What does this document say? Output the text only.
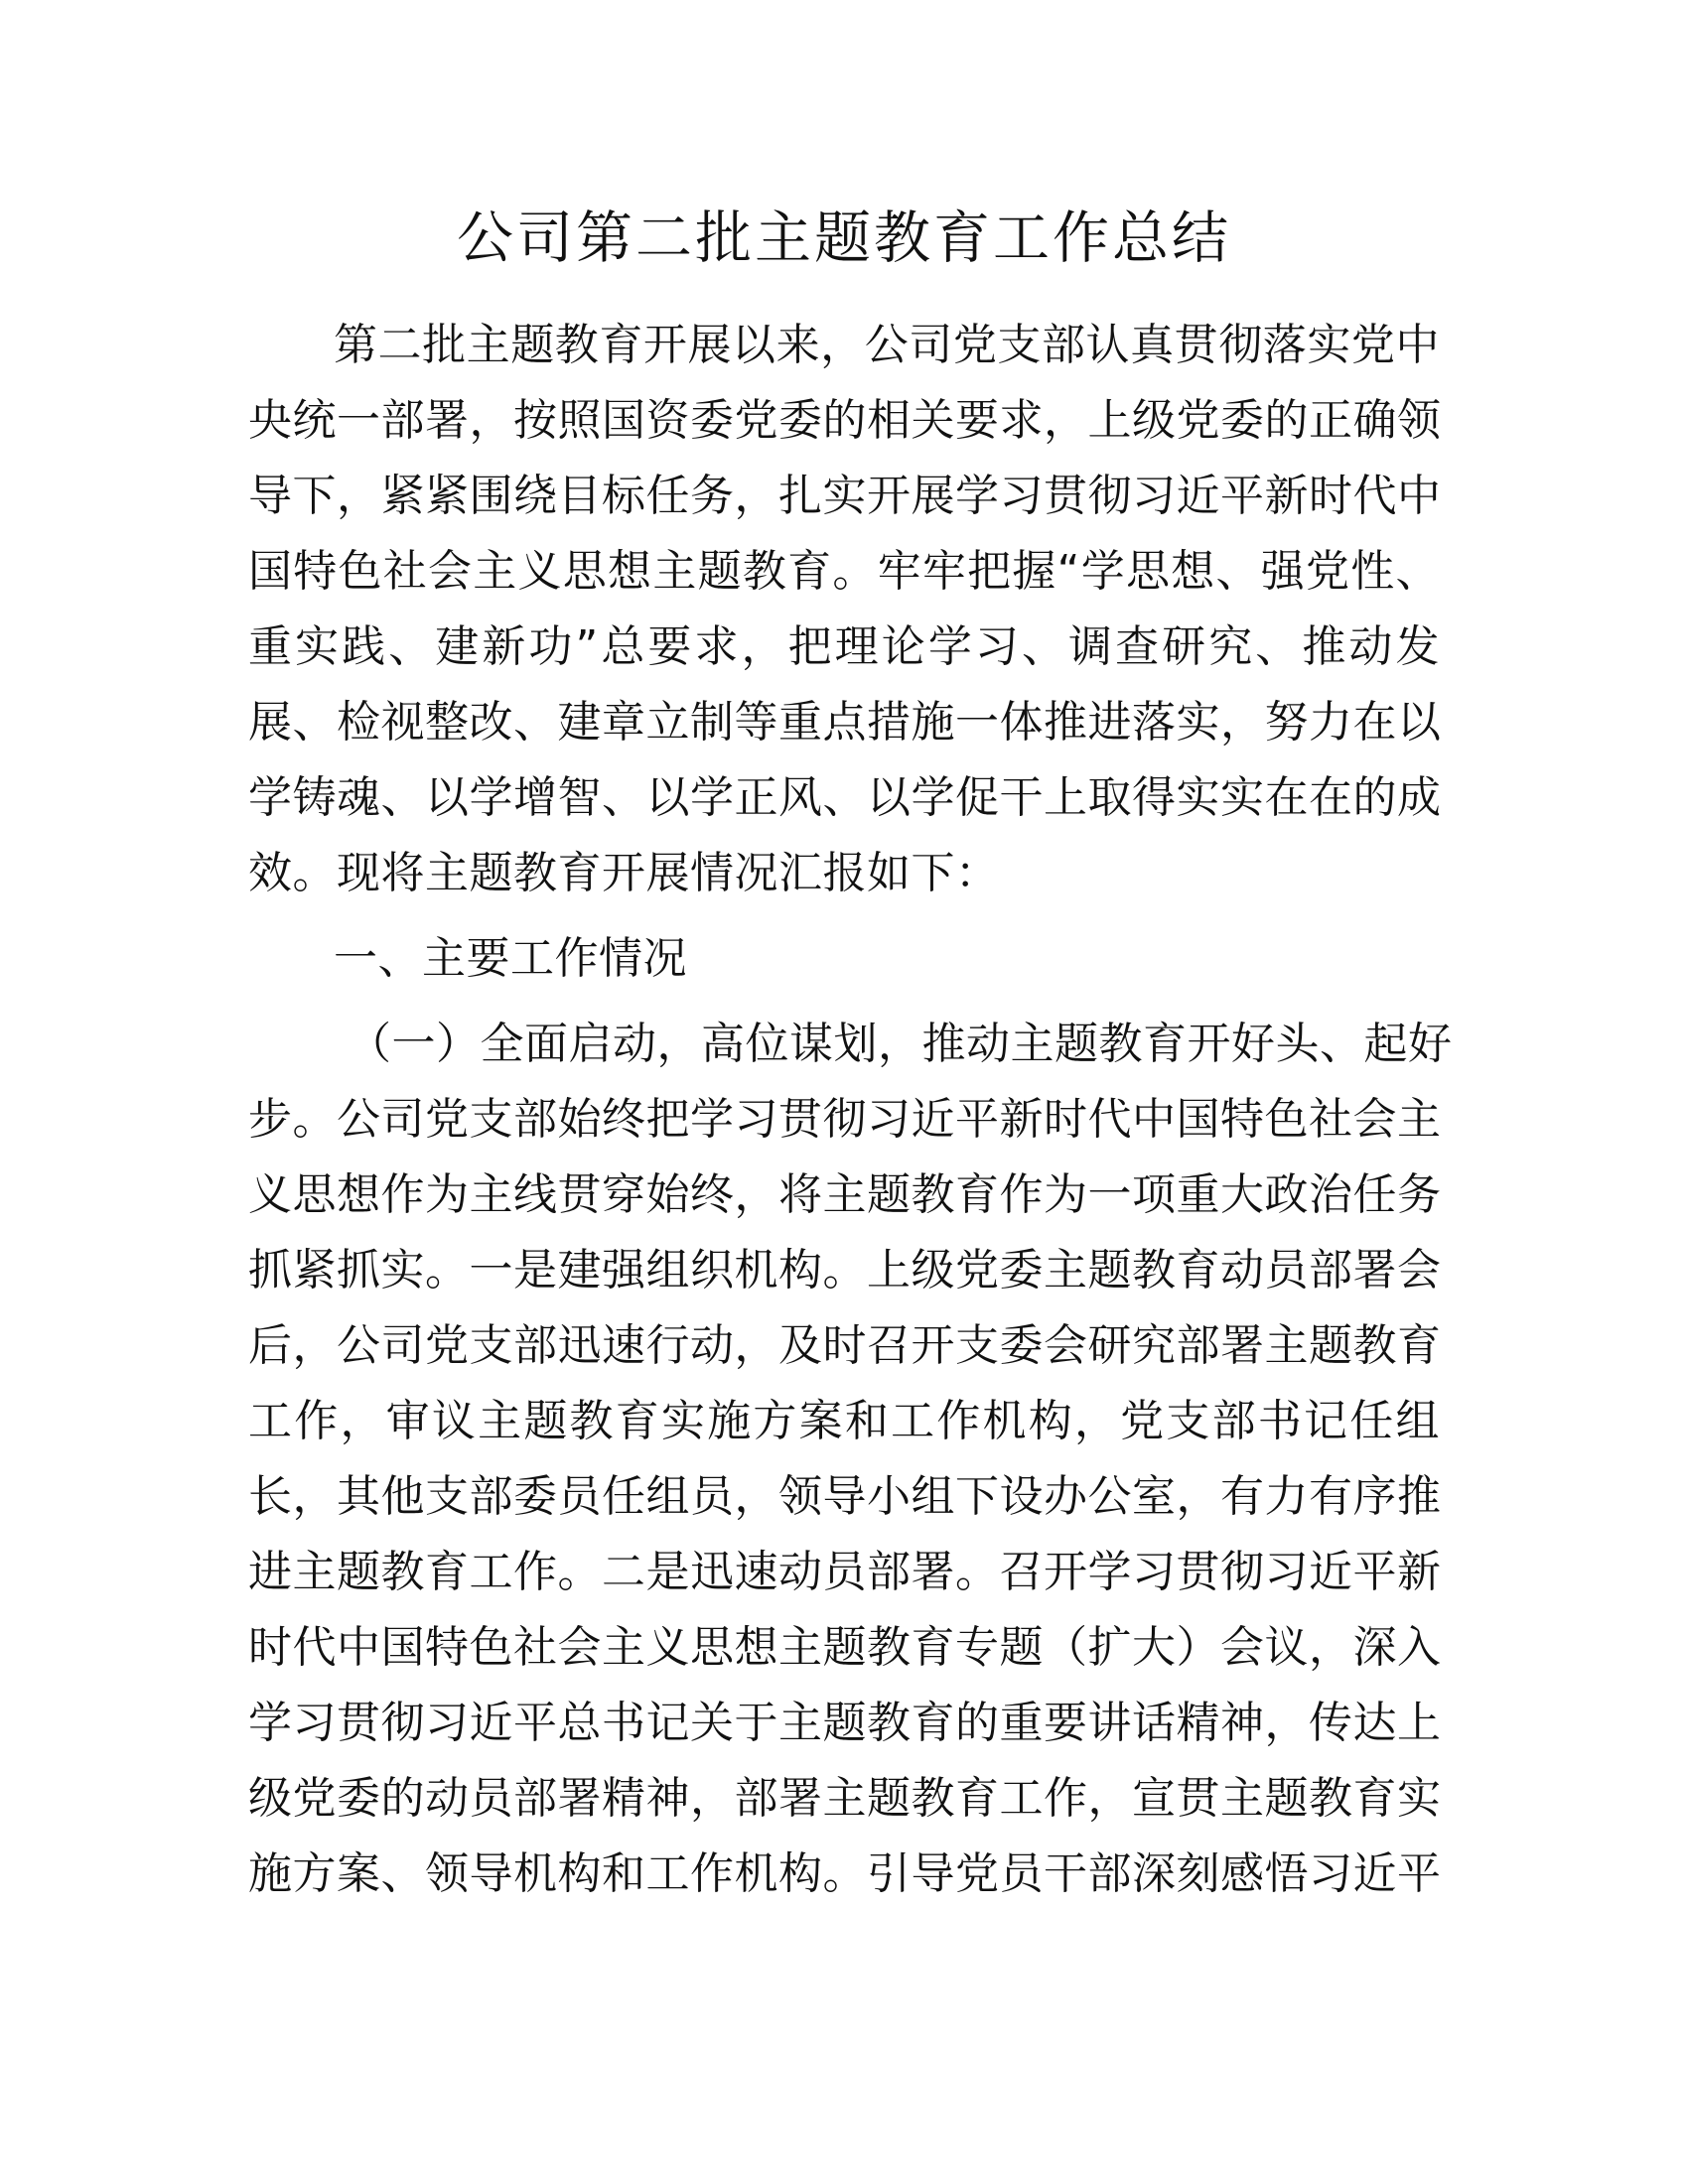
公司第二批主题教育工作总结
第二批主题教育开展以来，公司党支部认真贯彻落实党中
央统一部署，按照国资委党委的相关要求，上级党委的正确领
导下，紧紧围绕目标任务，扎实开展学习贯彻习近平新时代中
国特色社会主义思想主题教育。牢牢把握“学思想、强党性、
重实践、建新功”总要求，把理论学习、调查研究、推动发
展、检视整改、建章立制等重点措施一体推进落实，努力在以
学铸魂、以学增智、以学正风、以学促干上取得实实在在的成
效。现将主题教育开展情况汇报如下：
一、主要工作情况
（一）全面启动，高位谋划，推动主题教育开好头、起好
步。公司党支部始终把学习贯彻习近平新时代中国特色社会主
义思想作为主线贯穿始终，将主题教育作为一项重大政治任务
抓紧抓实。一是建强组织机构。上级党委主题教育动员部署会
后，公司党支部迅速行动，及时召开支委会研究部署主题教育
工作，审议主题教育实施方案和工作机构，党支部书记任组
长，其他支部委员任组员，领导小组下设办公室，有力有序推
进主题教育工作。二是迅速动员部署。召开学习贯彻习近平新
时代中国特色社会主义思想主题教育专题（扩大）会议，深入
学习贯彻习近平总书记关于主题教育的重要讲话精神，传达上
级党委的动员部署精神，部署主题教育工作，宣贯主题教育实
施方案、领导机构和工作机构。引导党员干部深刻感悟习近平
